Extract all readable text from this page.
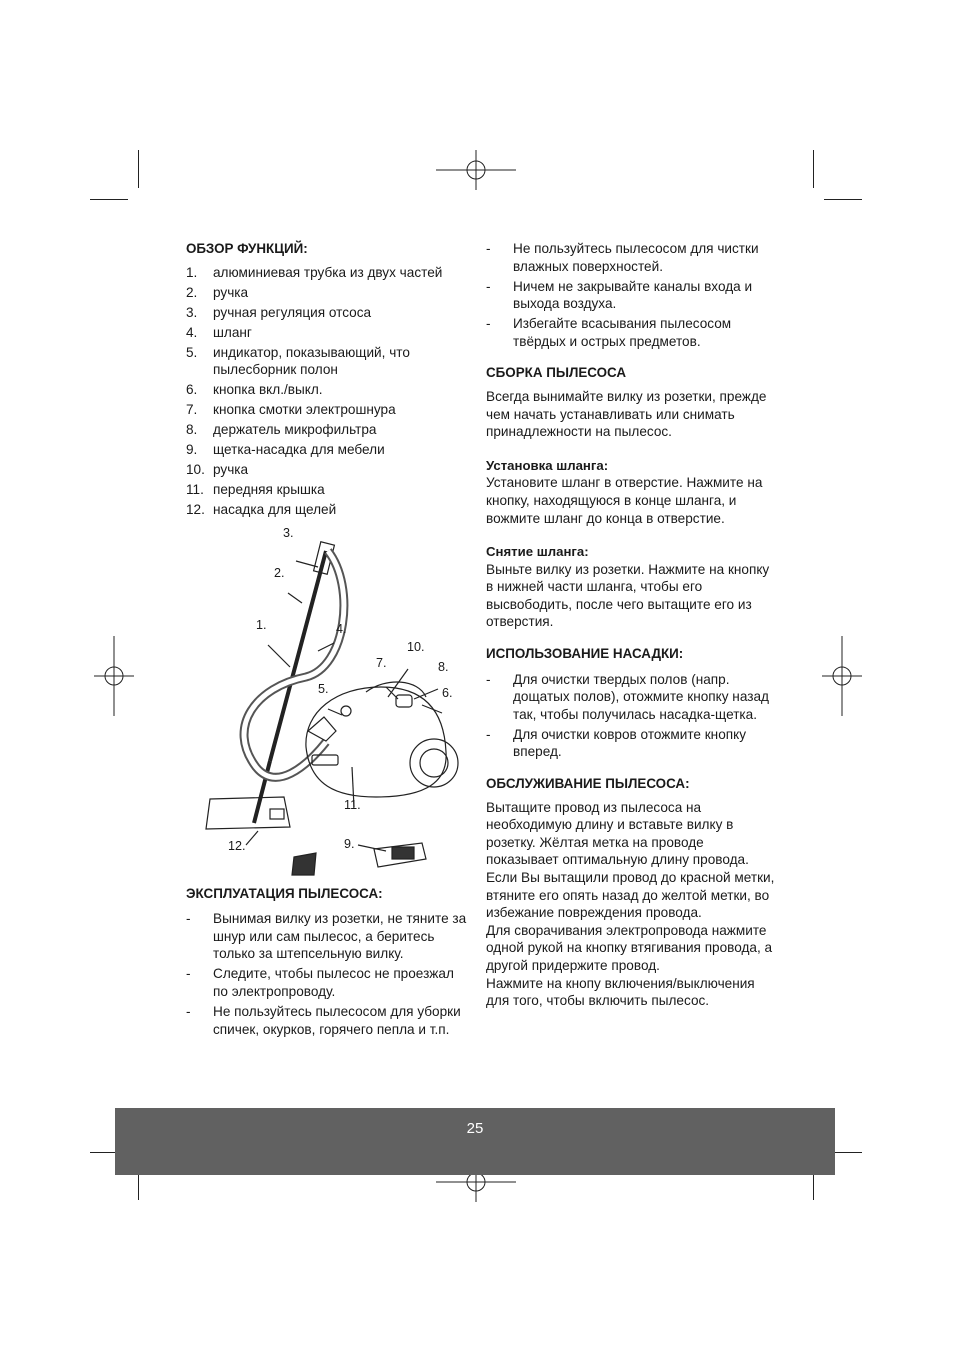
ОБЗОР ФУНКЦИЙ:

1.	алюминиевая трубка из двух частей
2.	ручка
3.	ручная регуляция отсоса
4.	шланг
5.	индикатор, показывающий, что пылесборник полон
6.	кнопка вкл./выкл.
7.	кнопка смотки электрошнура
8.	держатель микрофильтра
9.	щетка-насадка для мебели
10. ручка
11. передняя крышка
12. насадка для щелей
3.
2.
1.	4.
10.
7.	8.
5.	6.
11.
9.
12.

ЭКСПЛУАТАЦИЯ ПЫЛЕСОСА:

-	Вынимая вилку из розетки, не тяните за шнур или сам пылесос, а беритесь только за штепсельную вилку.
-	Следите, чтобы пылесос не проезжал по электропроводу.
-	Не пользуйтесь пылесосом для уборки спичек, окурков, горячего пепла и т.п.
-	Не пользуйтесь пылесосом для чистки влажных поверхностей.
-	Ничем не закрывайте каналы входа и выхода воздуха.
-	Избегайте всасывания пылесосом твёрдых и острых предметов.

СБОРКА ПЫЛЕСОСА

Всегда вынимайте вилку из розетки, прежде чем начать устанавливать или снимать принадлежности на пылесос.

Установка шланга:

Установите шланг в отверстие. Нажмите на кнопку, находящуюся в конце шланга, и вожмите шланг до конца в отверстие.

Снятие шланга:

Выньте вилку из розетки. Нажмите на кнопку в нижней части шланга, чтобы его высвободить, после чего вытащите его из отверстия.

ИСПОЛЬЗОВАНИЕ НАСАДКИ:

-	Для очистки твердых полов (напр. дощатых полов), отожмите кнопку назад так, чтобы получилась насадка-щетка.
-	Для очистки ковров отожмите кнопку вперед.

ОБСЛУЖИВАНИЕ ПЫЛЕСОСА:

Вытащите провод из пылесоса на необходимую длину и вставьте вилку в розетку. Жёлтая метка на проводе показывает оптимальную длину провода. Если Вы вытащили провод до красной метки, втяните его опять назад до желтой метки, во избежание повреждения провода.

Для сворачивания электропровода нажмите одной рукой на кнопку втягивания провода, а другой придержите провод.

Нажмите на кнопу включения/выключения для того, чтобы включить пылесос.

25
